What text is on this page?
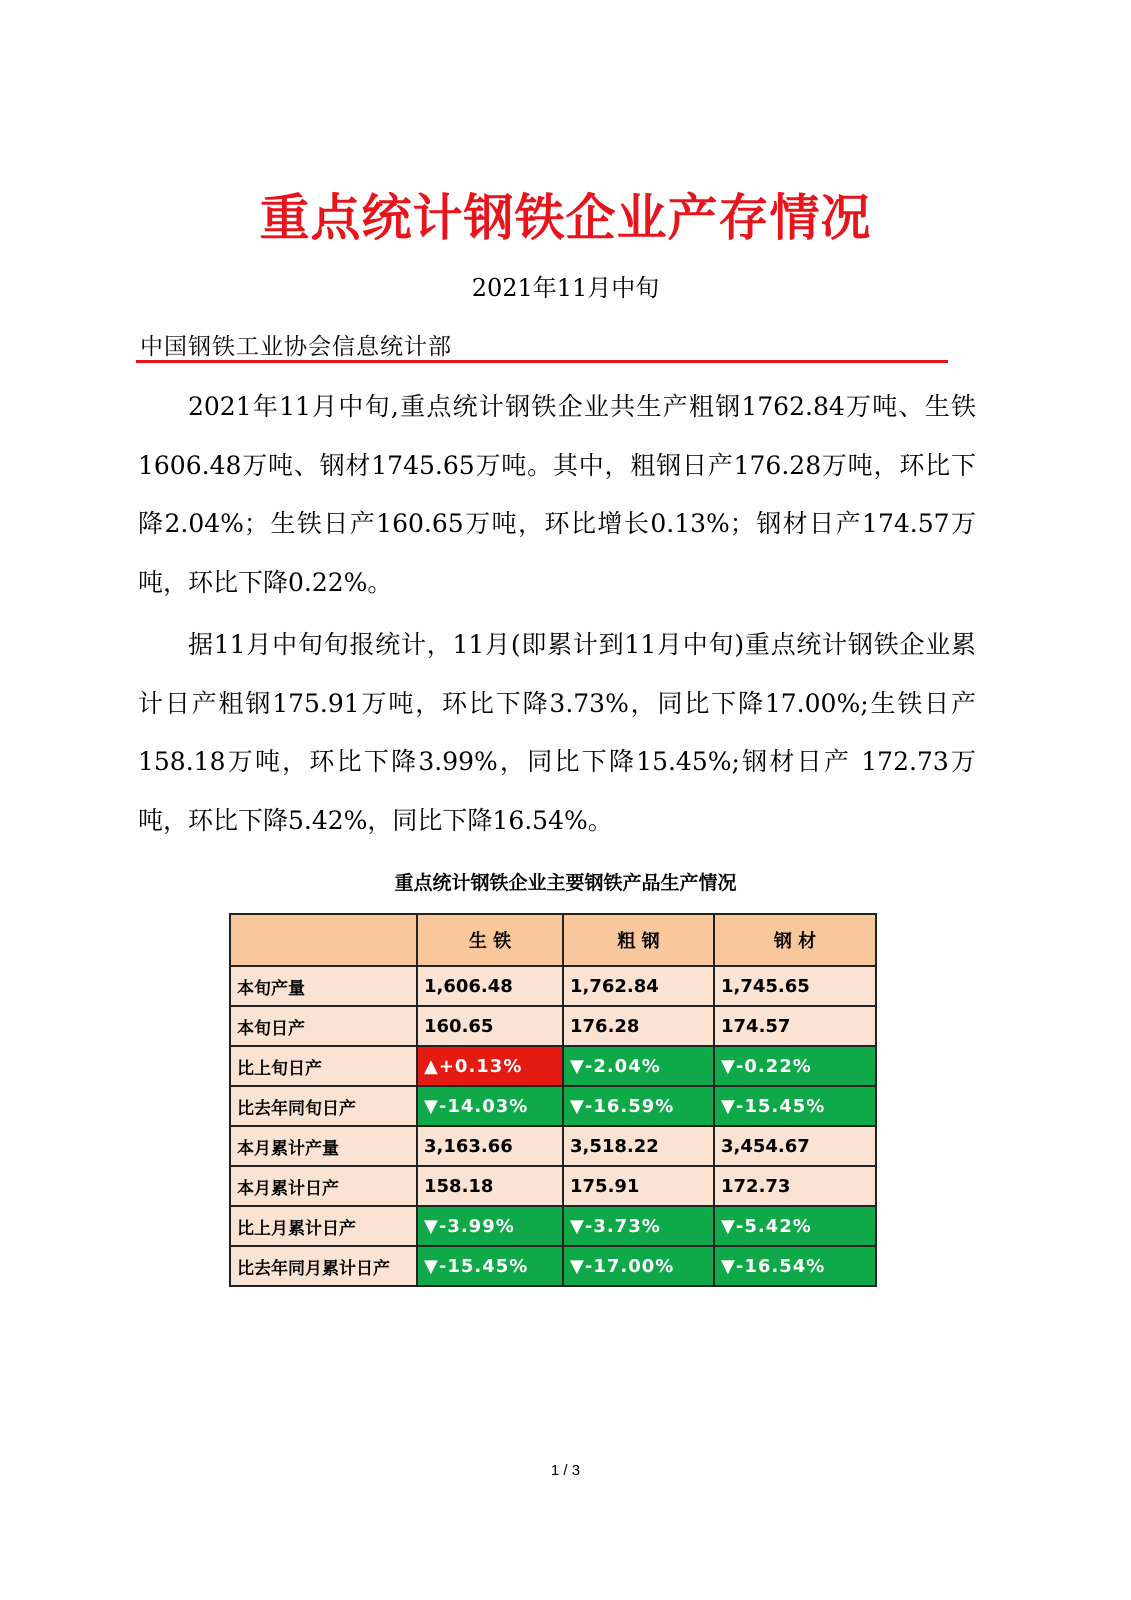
重点统计钢铁企业产存情况
2021年11月中旬
中国钢铁工业协会信息统计部

2021年11月中旬,重点统计钢铁企业共生产粗钢1762.84万吨、生铁1606.48万吨、钢材1745.65万吨。其中，粗钢日产176.28万吨，环比下降2.04%；生铁日产160.65万吨，环比增长0.13%；钢材日产174.57万吨，环比下降0.22%。

据11月中旬旬报统计，11月(即累计到11月中旬)重点统计钢铁企业累计日产粗钢175.91万吨，环比下降3.73%，同比下降17.00%;生铁日产158.18万吨，环比下降3.99%，同比下降15.45%;钢材日产 172.73万吨，环比下降5.42%，同比下降16.54%。

重点统计钢铁企业主要钢铁产品生产情况
	生 铁	粗 钢	钢 材
本旬产量	1,606.48	1,762.84	1,745.65
本旬日产	160.65	176.28	174.57
比上旬日产	▲+0.13%	▼-2.04%	▼-0.22%
比去年同旬日产	▼-14.03%	▼-16.59%	▼-15.45%
本月累计产量	3,163.66	3,518.22	3,454.67
本月累计日产	158.18	175.91	172.73
比上月累计日产	▼-3.99%	▼-3.73%	▼-5.42%
比去年同月累计日产	▼-15.45%	▼-17.00%	▼-16.54%
1 / 3
